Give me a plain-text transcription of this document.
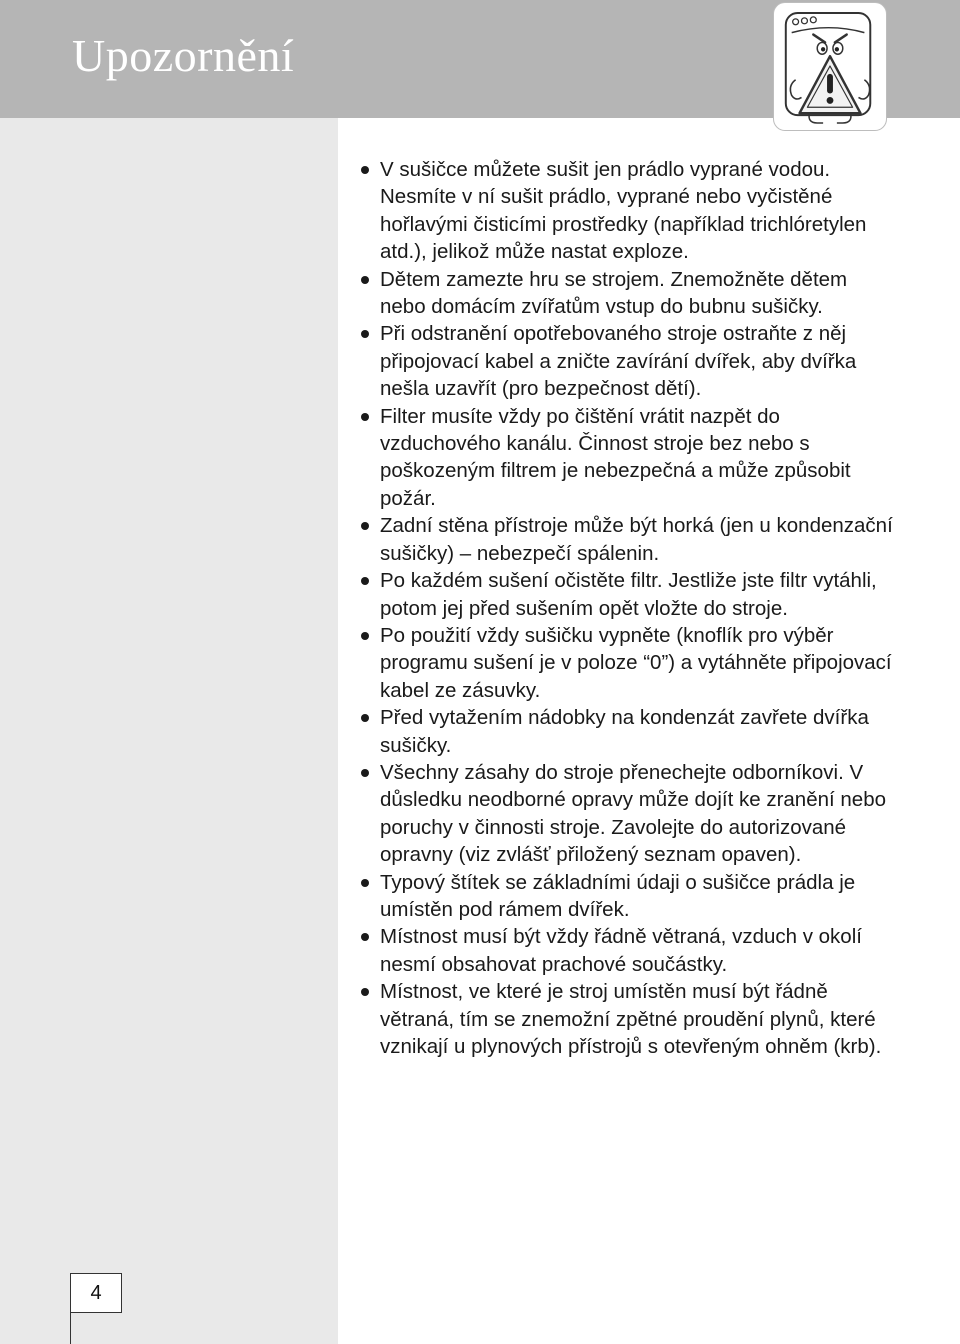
Upozornění
4
V sušičce můžete sušit jen prádlo vyprané vodou. Nesmíte v ní sušit prádlo, vyprané nebo vyčistěné hořlavými čisticími prostředky (například trichlóretylen atd.), jelikož může nastat exploze.
Dětem zamezte hru se strojem. Znemožněte dětem nebo domácím zvířatům vstup do bubnu sušičky.
Při odstranění opotřebovaného stroje ostraňte z něj připojovací kabel a zničte zavírání dvířek, aby dvířka nešla uzavřít (pro bezpečnost dětí).
Filter musíte vždy po čištění vrátit nazpět do vzduchového kanálu. Činnost stroje bez nebo s poškozeným filtrem je nebezpečná a může způsobit požár.
Zadní stěna přístroje může být horká (jen u kondenzační sušičky) – nebezpečí spálenin.
Po každém sušení očistěte filtr. Jestliže jste filtr vytáhli, potom jej před sušením opět vložte do stroje.
Po použití vždy sušičku vypněte (knoflík pro výběr programu sušení je v poloze “0”) a vytáhněte připojovací kabel ze zásuvky.
Před vytažením nádobky na kondenzát zavřete dvířka sušičky.
Všechny zásahy do stroje přenechejte odborníkovi. V důsledku neodborné opravy může dojít ke zranění nebo poruchy v činnosti stroje. Zavolejte do autorizované opravny (viz zvlášť přiložený seznam opaven).
Typový štítek se základními údaji o sušičce prádla je umístěn pod rámem dvířek.
Místnost musí být vždy řádně větraná, vzduch v okolí nesmí obsahovat prachové součástky.
Místnost, ve které je stroj umístěn musí být řádně větraná, tím se znemožní zpětné proudění plynů, které vznikají u plynových přístrojů s otevřeným ohněm (krb).
